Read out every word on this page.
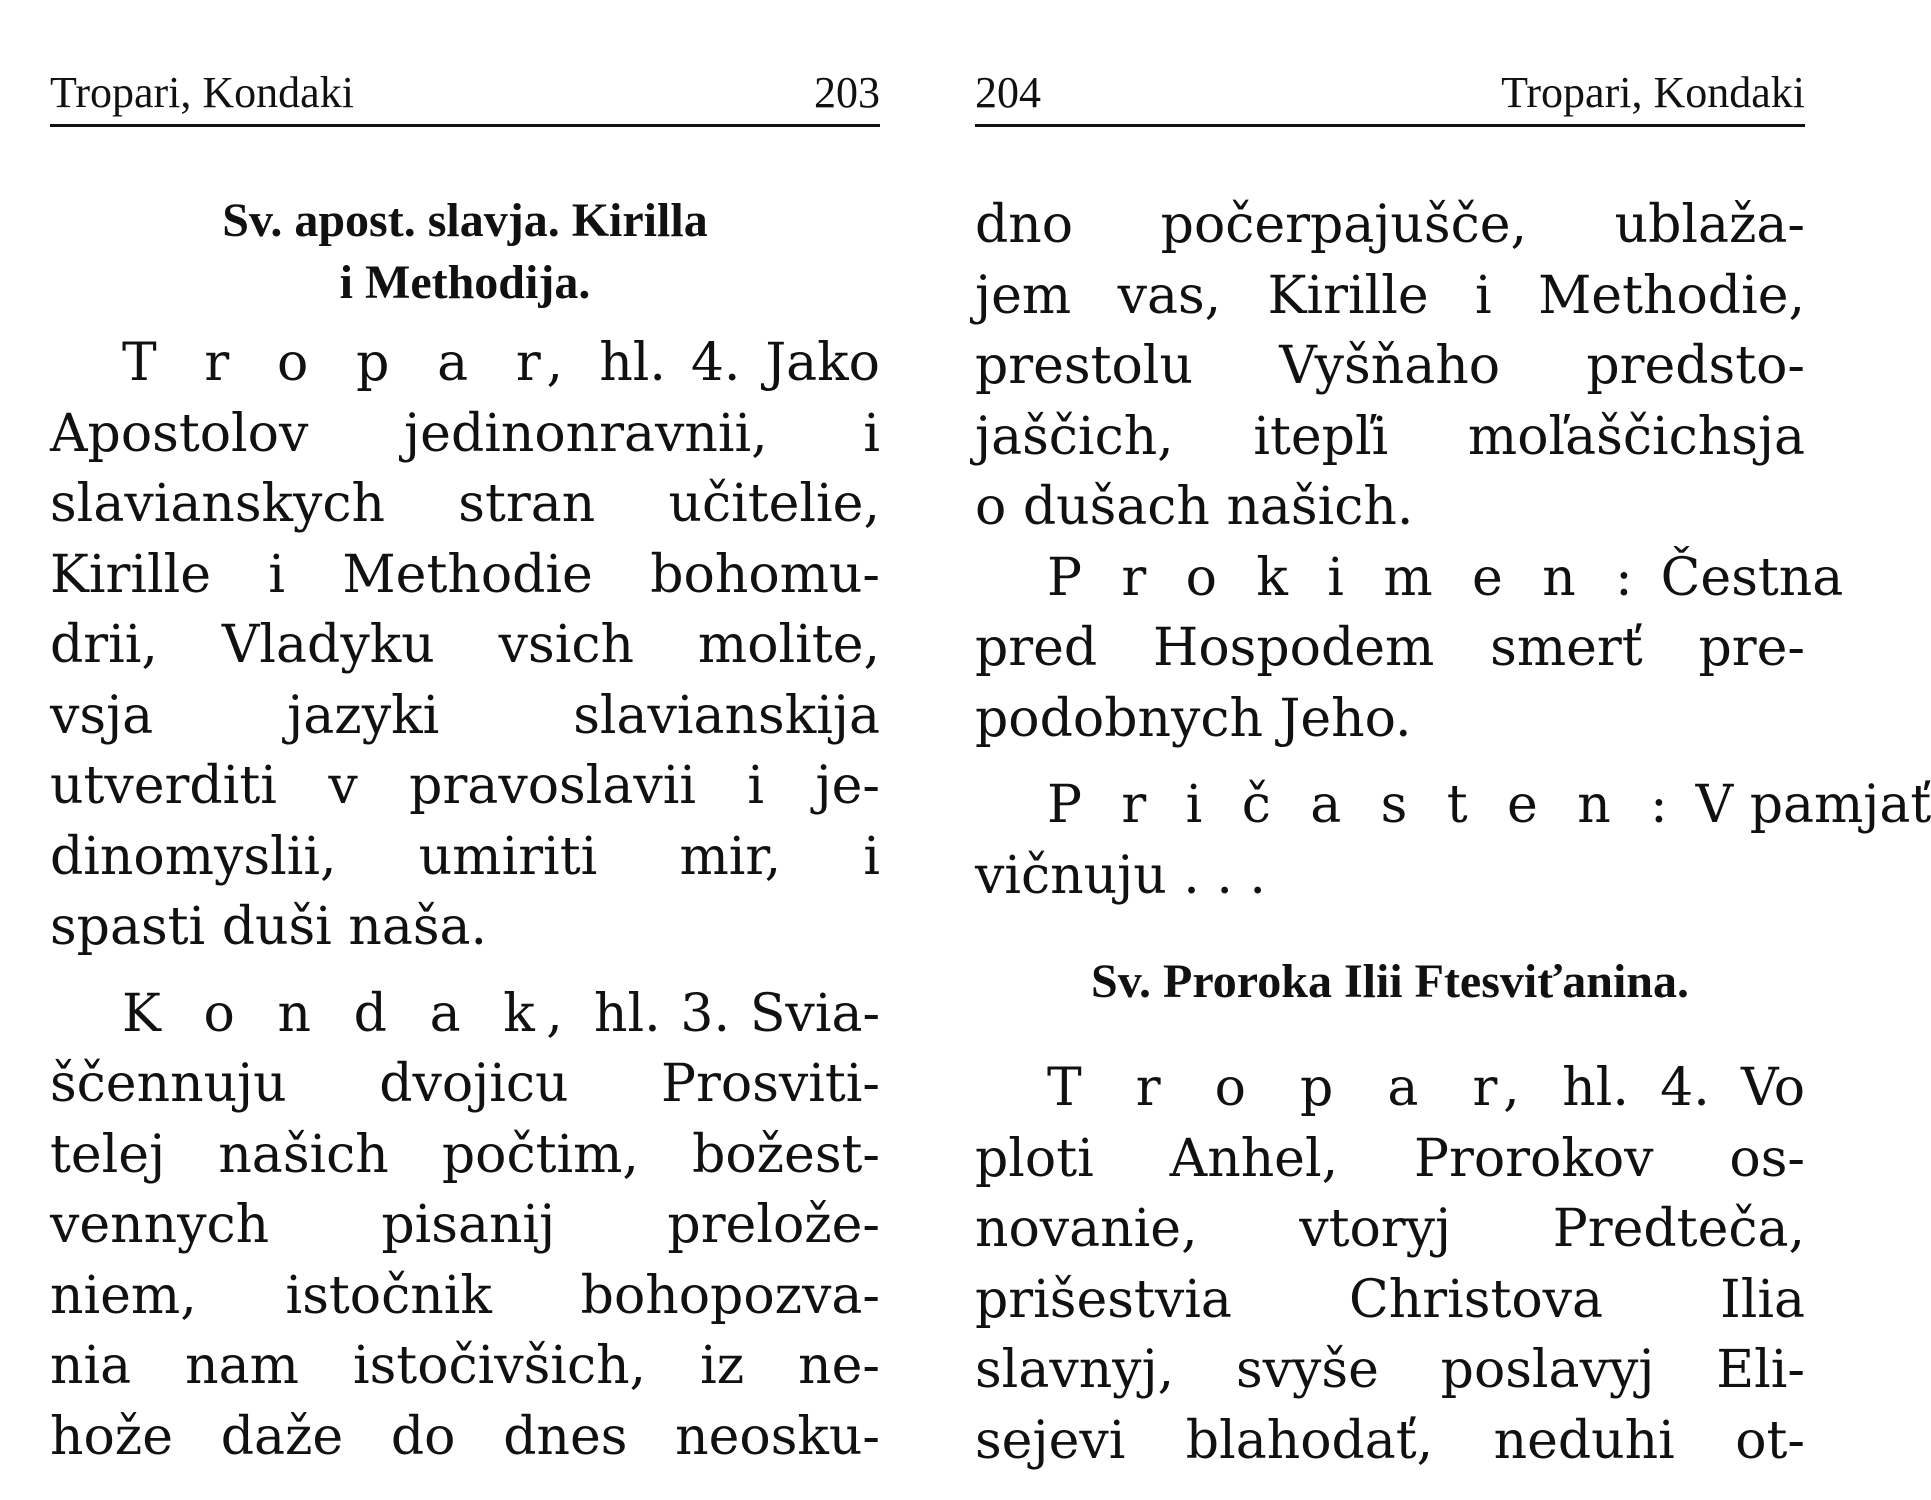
Tropari, Kondaki	203

Sv. apost. slavja. Kirilla

i Methodija.

T r o p a r, hl. 4. Jako
Apostolov jedinonravnii, i
slavianskych stran učitelie,
Kirille i Methodie bohomu-
drii, Vladyku vsich molite,
vsja jazyki slavianskija
utverditi v pravoslavii i je-
dinomyslii, umiriti mir, i
spasti duši naša.
K o n d a k, hl. 3. Svia-
ščennuju dvojicu Prosviti-
telej našich počtim, božest-
vennych pisanij preložе-
niem, istočnik bohopozva-
nia nam istočivšich, iz ne-
hože daže do dnes neosku-
204	Tropari, Kondaki
dno počerpajušče, ublaža-
jem vas, Kirille i Methodie,
prestolu Vyšňaho predsto-
jaščich, itepľi moľaščichsja
o dušach našich.
P r o k i m e n : Čestna
pred Hospodem smerť pre-
podobnych Jeho.
P r i č a s t e n : V pamjať
vičnuju . . .

Sv. Proroka Ilii Ftesviťanina.

T r o p a r, hl. 4. Vo
ploti Anhel, Prorokov os-
novanie, vtoryj Predteča,
prišestvia Christova Ilia
slavnyj, svyše poslavyj Eli-
sejevi blahodať, neduhi ot-
